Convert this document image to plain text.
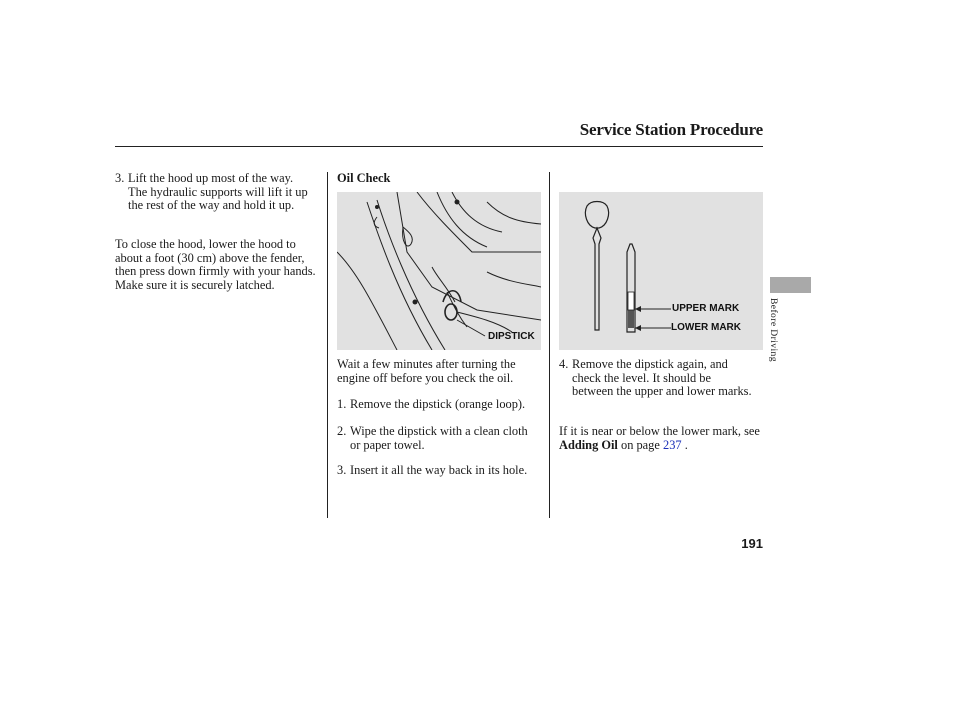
Service Station Procedure
3. Lift the hood up most of the way. The hydraulic supports will lift it up the rest of the way and hold it up.
To close the hood, lower the hood to about a foot (30 cm) above the fender, then press down firmly with your hands. Make sure it is securely latched.
Oil Check
DIPSTICK
Wait a few minutes after turning the engine off before you check the oil.
1. Remove the dipstick (orange loop).
2. Wipe the dipstick with a clean cloth or paper towel.
3. Insert it all the way back in its hole.
UPPER MARK
LOWER MARK
4. Remove the dipstick again, and check the level. It should be between the upper and lower marks.
If it is near or below the lower mark, see Adding Oil on page 237 .
Before Driving
191
